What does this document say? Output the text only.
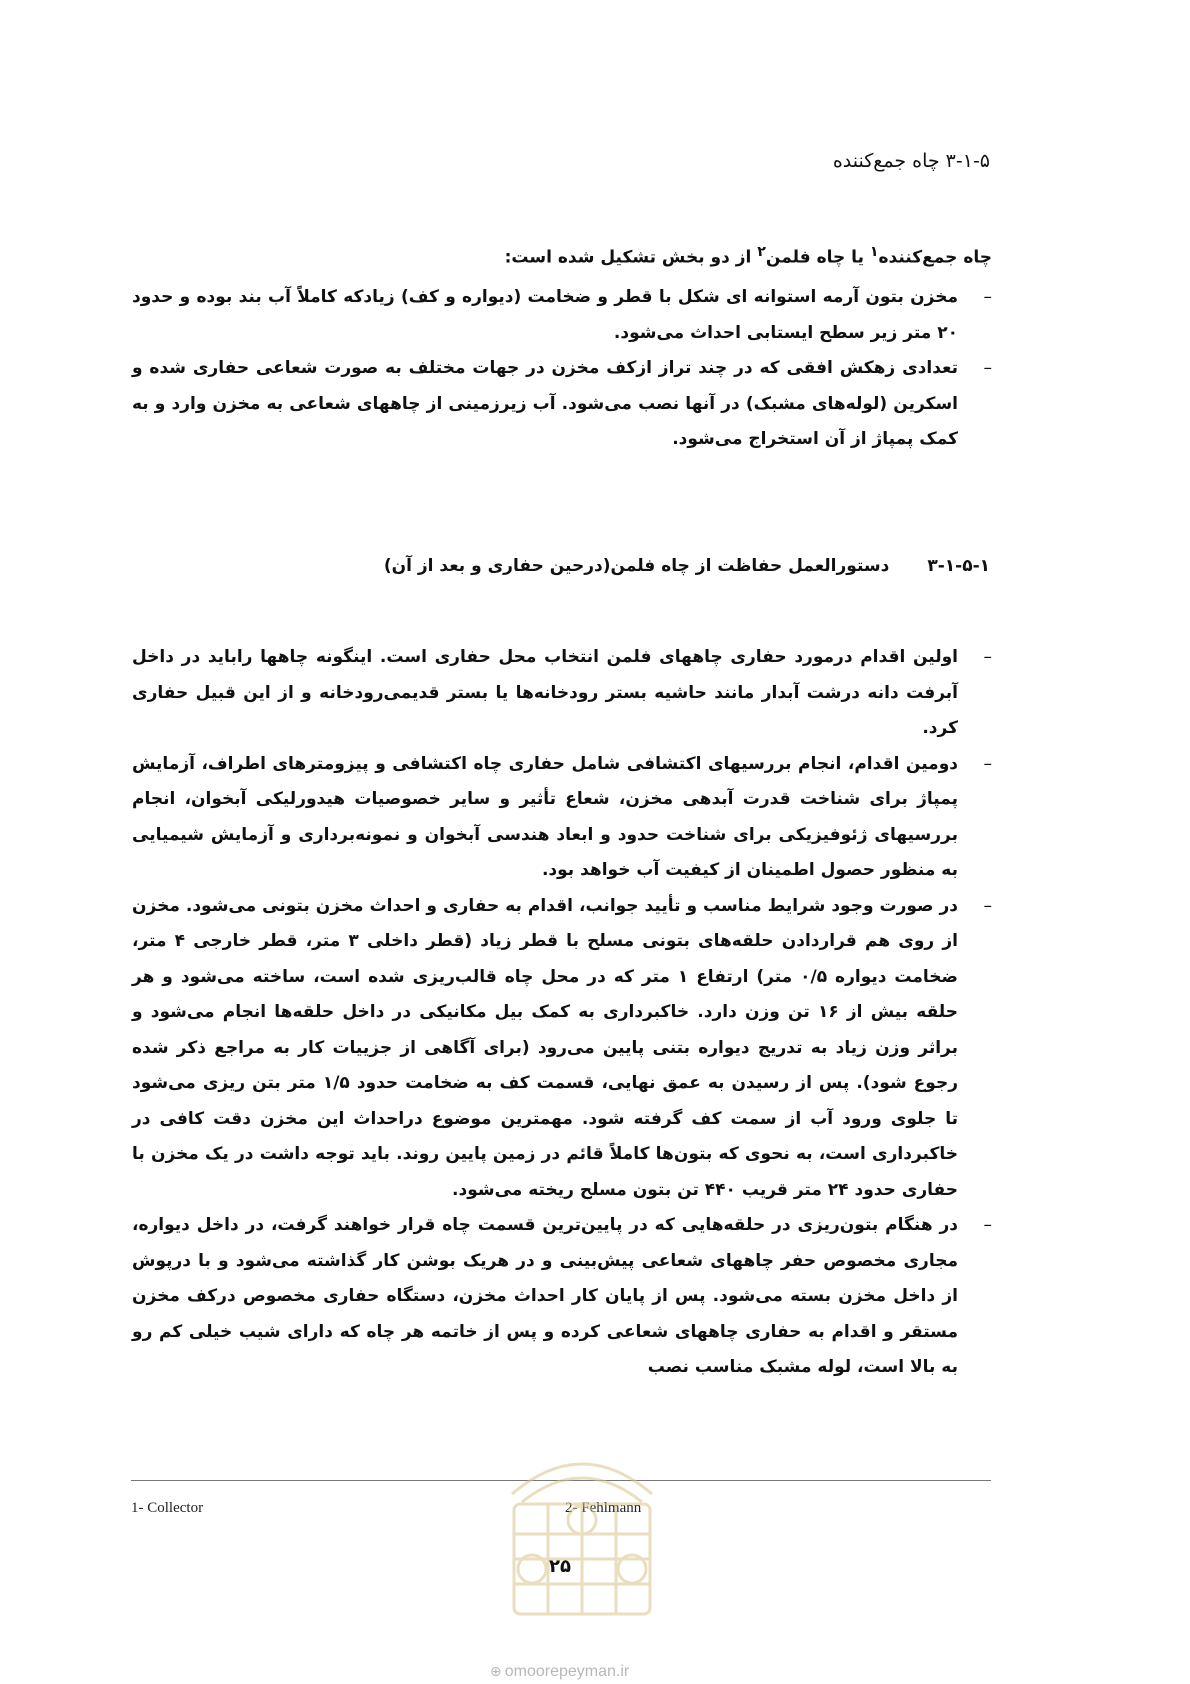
۳-۱-۵ چاه جمع‌کننده
چاه جمع‌کننده$^۱$ یا چاه فلمن$^۲$ از دو بخش تشکیل شده است:
–
مخزن بتون آرمه استوانه ای شکل با قطر و ضخامت (دیواره و کف) زیادکه کاملاً آب بند بوده و حدود ۲۰ متر زیر سطح ایستابی احداث می‌شود.
–
تعدادی زهکش افقی که در چند تراز ازکف مخزن در جهات مختلف به صورت شعاعی حفاری شده و اسکرین (لوله‌های مشبک) در آنها نصب می‌شود. آب زیرزمینی از چاههای شعاعی به مخزن وارد و به کمک پمپاژ از آن استخراج می‌شود.
۳-۱-۵-۱دستورالعمل حفاظت از چاه فلمن(درحین حفاری و بعد از آن)
–
اولین اقدام درمورد حفاری چاههای فلمن انتخاب محل حفاری است. اینگونه چاهها رابايد در داخل آبرفت دانه درشت آبدار مانند حاشیه بستر رودخانه‌ها یا بستر قدیمی‌رودخانه و از این قبیل حفاری کرد.
–
دومین اقدام، انجام بررسیهای اکتشافی شامل حفاری چاه اکتشافی و پیزومترهای اطراف، آزمایش پمپاژ برای شناخت قدرت آبدهی مخزن، شعاع تأثیر و سایر خصوصیات هیدورلیکی آبخوان، انجام بررسیهای ژئوفیزیکی برای شناخت حدود و ابعاد هندسی آبخوان و نمونه‌برداری و آزمایش شیمیایی به منظور حصول اطمینان از کیفیت آب خواهد بود.
–
در صورت وجود شرایط مناسب و تأیید جوانب، اقدام به حفاری و احداث مخزن بتونی می‌شود. مخزن از روی هم قراردادن حلقه‌های بتونی مسلح با قطر زیاد (قطر داخلی ۳ متر، قطر خارجی ۴ متر، ضخامت دیواره ۰/۵ متر) ارتفاع ۱ متر که در محل چاه قالب‌ریزی شده است، ساخته می‌شود و هر حلقه بیش از ۱۶ تن وزن دارد. خاکبرداری به کمک بیل مکانیکی در داخل حلقه‌ها انجام می‌شود و براثر وزن زیاد به تدریج دیواره بتنی پایین می‌رود (برای آگاهی از جزییات کار به مراجع ذکر شده رجوع شود). پس از رسیدن به عمق نهایی، قسمت کف به ضخامت حدود ۱/۵ متر بتن ریزی می‌شود تا جلوی ورود آب از سمت کف گرفته شود. مهمترین موضوع دراحداث این مخزن دقت کافی در خاکبرداری است، به نحوی که بتون‌ها کاملاً قائم در زمین پایین روند. باید توجه داشت در یک مخزن با حفاری حدود ۲۴ متر قریب ۴۴۰ تن بتون مسلح ریخته می‌شود.
–
در هنگام بتون‌ریزی در حلقه‌هایی که در پایین‌ترین قسمت چاه قرار خواهند گرفت، در داخل دیواره، مجاری مخصوص حفر چاههای شعاعی پیش‌بینی و در هریک بوشن کار گذاشته می‌شود و با درپوش از داخل مخزن بسته می‌شود. پس از پایان کار احداث مخزن، دستگاه حفاری مخصوص درکف مخزن مستقر و اقدام به حفاری چاههای شعاعی کرده و پس از خاتمه هر چاه که دارای شیب خیلی کم رو به بالا است، لوله مشبک مناسب نصب
1- Collector	2- Fehlmann
۲۵
⊕ omoorepeyman.ir
